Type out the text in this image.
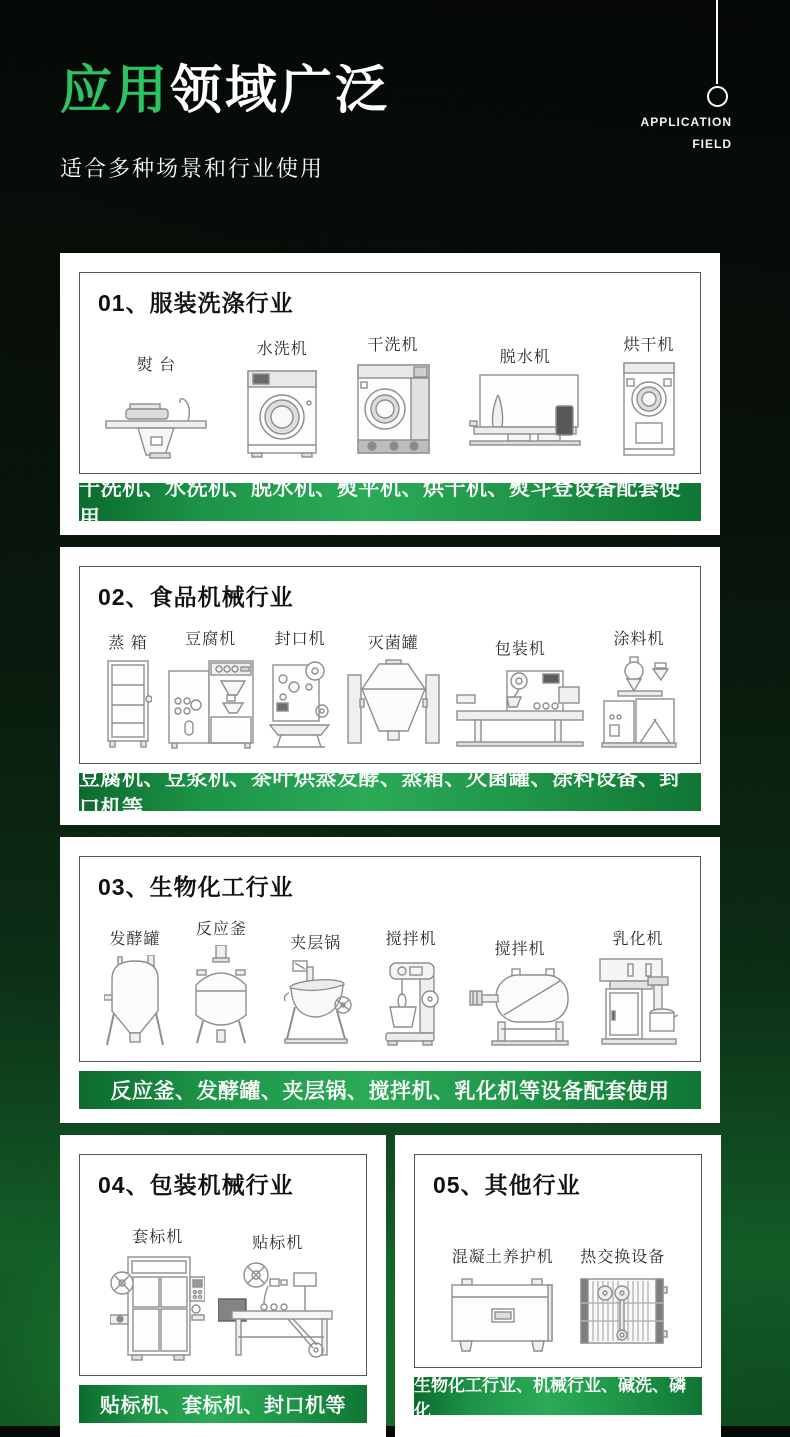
应用领域广泛
适合多种场景和行业使用
APPLICATION
FIELD
01、服装洗涤行业
熨 台
水洗机	干洗机
脱水机
烘干机
干洗机、水洗机、脱水机、熨平机、烘干机、熨斗登设备配套使用
02、食品机械行业
蒸 箱 豆腐机 封口机	灭菌罐	包装机
涂料机
豆腐机、豆浆机、茶叶烘蒸发酵、蒸箱、灭菌罐、涂料设备、封口机等
03、生物化工行业
发酵罐
反应釜
夹层锅	搅拌机
搅拌机
乳化机
反应釜、发酵罐、夹层锅、搅拌机、乳化机等设备配套使用
04、包装机械行业
套标机	贴标机
贴标机、套标机、封口机等
05、其他行业
混凝土养护机 热交换设备
生物化工行业、机械行业、碱洗、磷化
